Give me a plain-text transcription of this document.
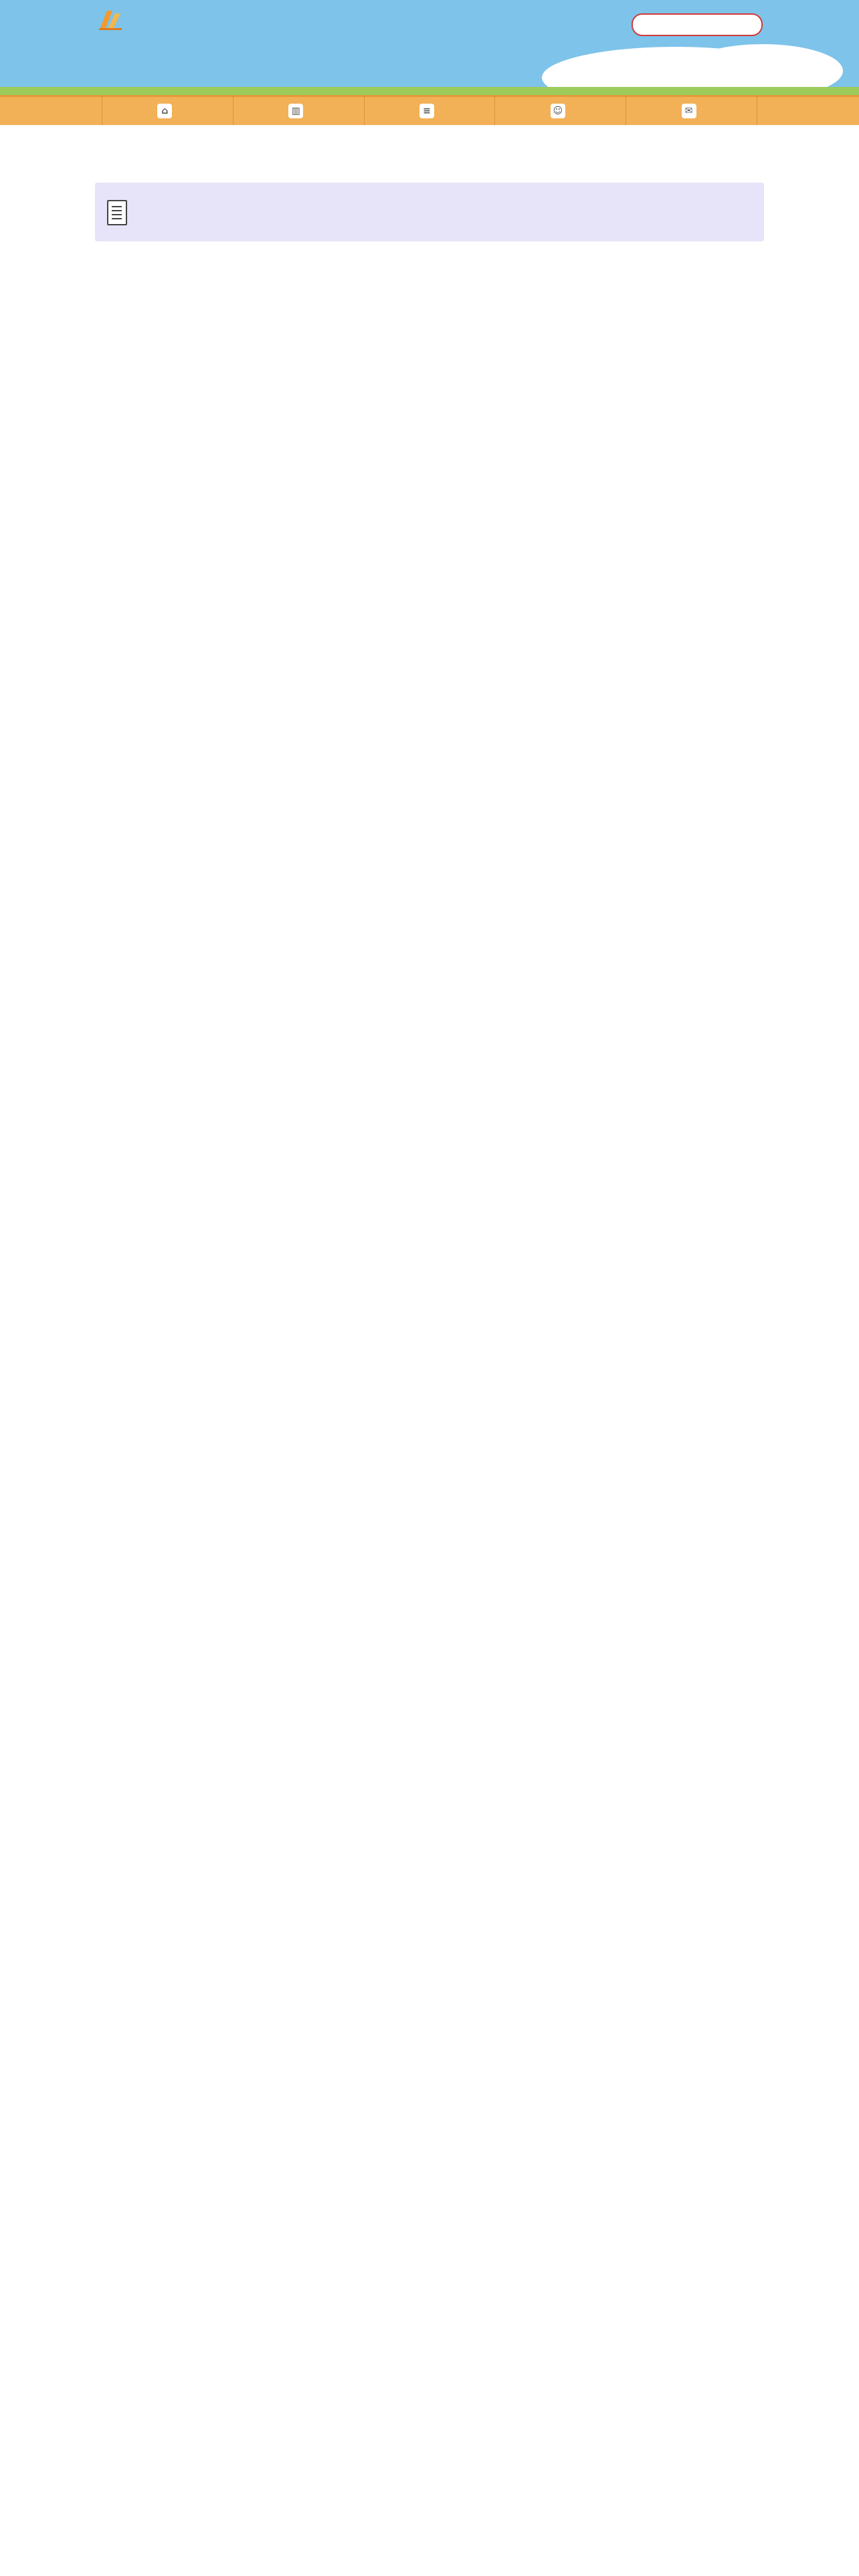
⌂	▥	≡	☺	✉
